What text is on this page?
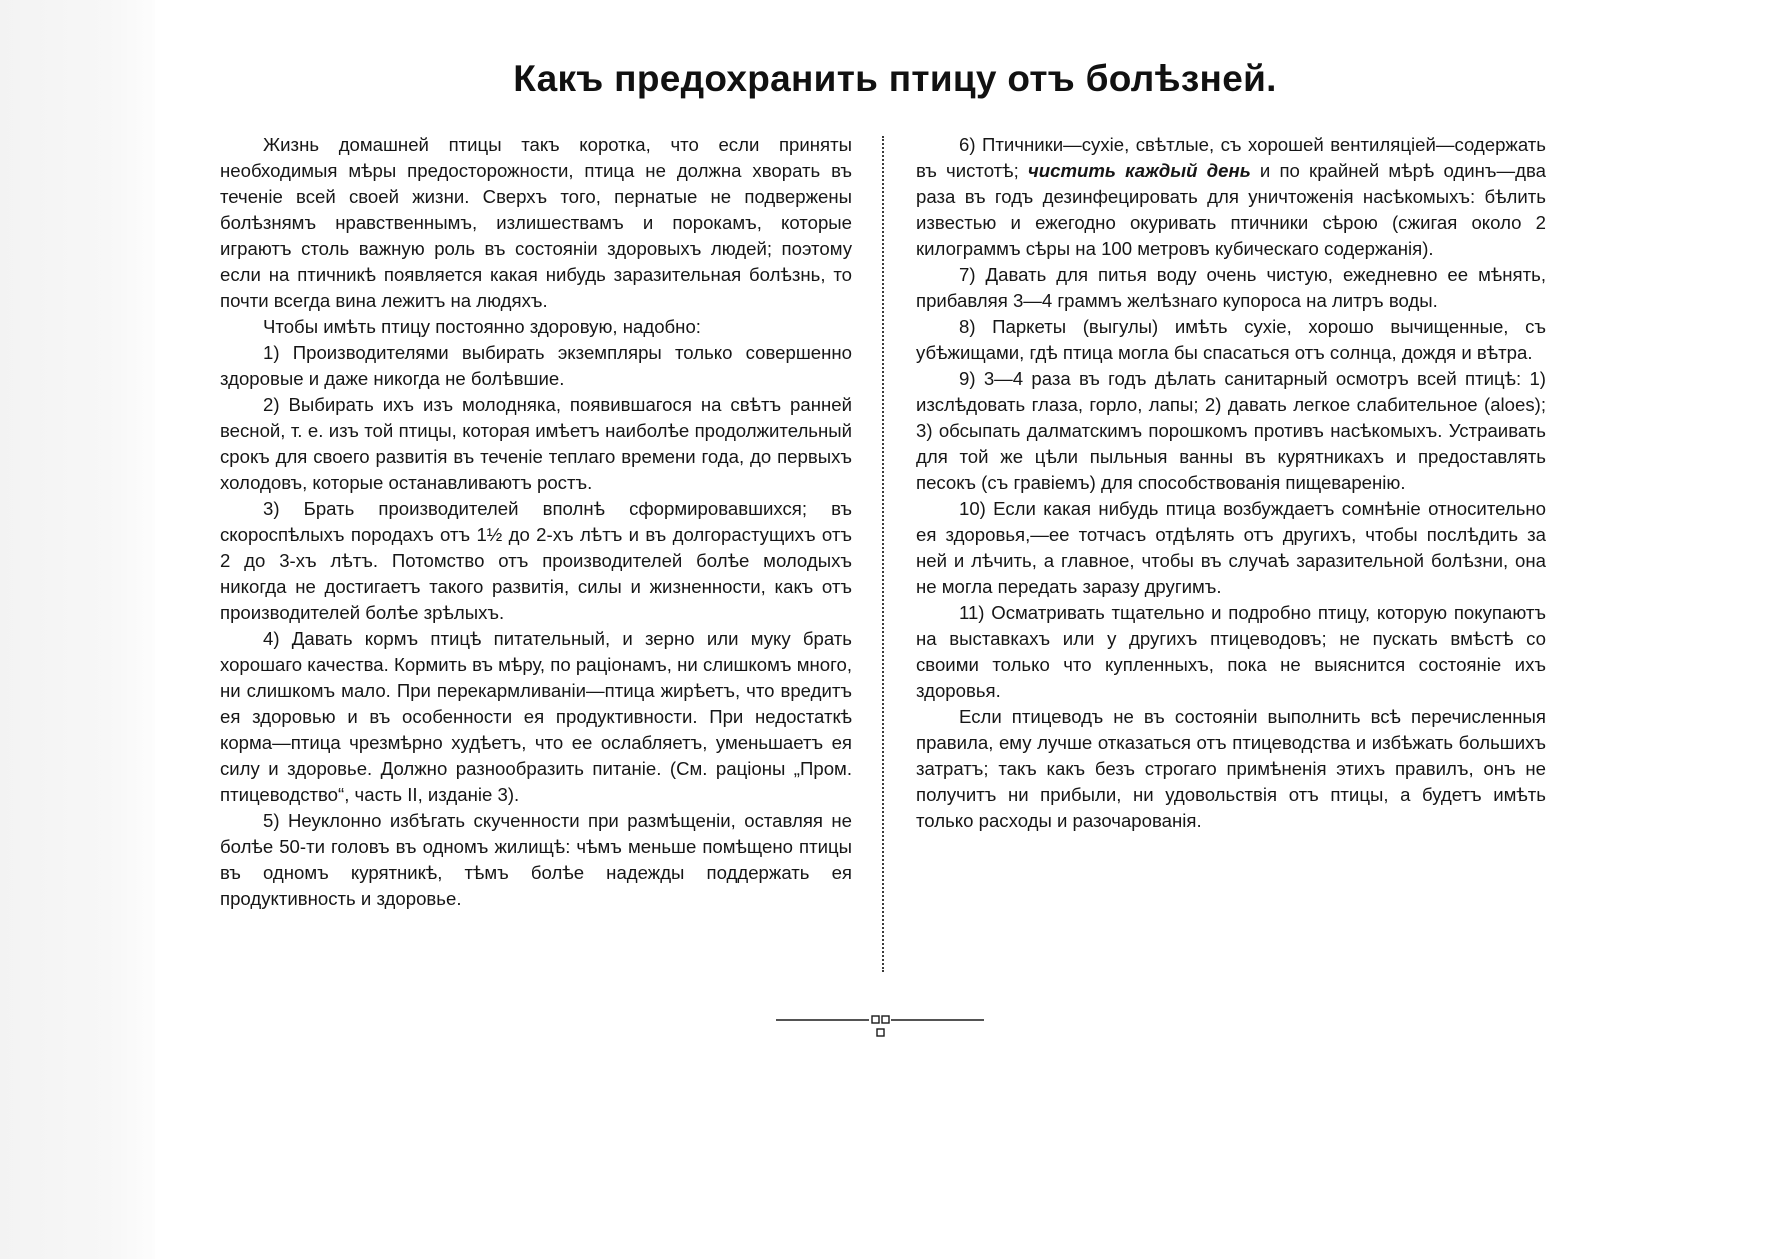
Какъ предохранить птицу отъ болѣзней.

Жизнь домашней птицы такъ коротка, что если приняты необходимыя мѣры предосторожности, птица не должна хворать въ теченіе всей своей жизни. Сверхъ того, пернатые не подвержены болѣзнямъ нравственнымъ, излишествамъ и порокамъ, которые играютъ столь важную роль въ состояніи здоровыхъ людей; поэтому если на птичникѣ появляется какая нибудь заразительная болѣзнь, то почти всегда вина лежитъ на людяхъ.

Чтобы имѣть птицу постоянно здоровую, надобно:

1) Производителями выбирать экземпляры только совершенно здоровые и даже никогда не болѣвшие.

2) Выбирать ихъ изъ молодняка, появившагося на свѣтъ ранней весной, т. е. изъ той птицы, которая имѣетъ наиболѣе продолжительный срокъ для своего развитія въ теченіе теплаго времени года, до первыхъ холодовъ, которые останавливаютъ ростъ.

3) Брать производителей вполнѣ сформировавшихся; въ скороспѣлыхъ породахъ отъ 1½ до 2-хъ лѣтъ и въ долгорастущихъ отъ 2 до 3-хъ лѣтъ. Потомство отъ производителей болѣе молодыхъ никогда не достигаетъ такого развитія, силы и жизненности, какъ отъ производителей болѣе зрѣлыхъ.

4) Давать кормъ птицѣ питательный, и зерно или муку брать хорошаго качества. Кормить въ мѣру, по раціонамъ, ни слишкомъ много, ни слишкомъ мало. При перекармливаніи—птица жирѣетъ, что вредитъ ея здоровью и въ особенности ея продуктивности. При недостаткѣ корма—птица чрезмѣрно худѣетъ, что ее ослабляетъ, уменьшаетъ ея силу и здоровье. Должно разнообразить питаніе. (См. раціоны „Пром. птицеводство“, часть II, изданіе 3).

5) Неуклонно избѣгать скученности при размѣщеніи, оставляя не болѣе 50-ти головъ въ одномъ жилищѣ: чѣмъ меньше помѣщено птицы въ одномъ курятникѣ, тѣмъ болѣе надежды поддержать ея продуктивность и здоровье.

6) Птичники—сухіе, свѣтлые, съ хорошей вентиляціей—содержать въ чистотѣ; чистить каждый день и по крайней мѣрѣ одинъ—два раза въ годъ дезинфецировать для уничтоженія насѣкомыхъ: бѣлить известью и ежегодно окуривать птичники сѣрою (сжигая около 2 килограммъ сѣры на 100 метровъ кубическаго содержанія).

7) Давать для питья воду очень чистую, ежедневно ее мѣнять, прибавляя 3—4 граммъ желѣзнаго купороса на литръ воды.

8) Паркеты (выгулы) имѣть сухіе, хорошо вычищенные, съ убѣжищами, гдѣ птица могла бы спасаться отъ солнца, дождя и вѣтра.

9) 3—4 раза въ годъ дѣлать санитарный осмотръ всей птицѣ: 1) изслѣдовать глаза, горло, лапы; 2) давать легкое слабительное (aloes); 3) обсыпать далматскимъ порошкомъ противъ насѣкомыхъ. Устраивать для той же цѣли пыльныя ванны въ курятникахъ и предоставлять песокъ (съ гравіемъ) для способствованія пищеваренію.

10) Если какая нибудь птица возбуждаетъ сомнѣніе относительно ея здоровья,—ее тотчасъ отдѣлять отъ другихъ, чтобы послѣдить за ней и лѣчить, а главное, чтобы въ случаѣ заразительной болѣзни, она не могла передать заразу другимъ.

11) Осматривать тщательно и подробно птицу, которую покупаютъ на выставкахъ или у другихъ птицеводовъ; не пускать вмѣстѣ со своими только что купленныхъ, пока не выяснится состояніе ихъ здоровья.

Если птицеводъ не въ состояніи выполнить всѣ перечисленныя правила, ему лучше отказаться отъ птицеводства и избѣжать большихъ затратъ; такъ какъ безъ строгаго примѣненія этихъ правилъ, онъ не получитъ ни прибыли, ни удовольствія отъ птицы, а будетъ имѣть только расходы и разочарованія.
